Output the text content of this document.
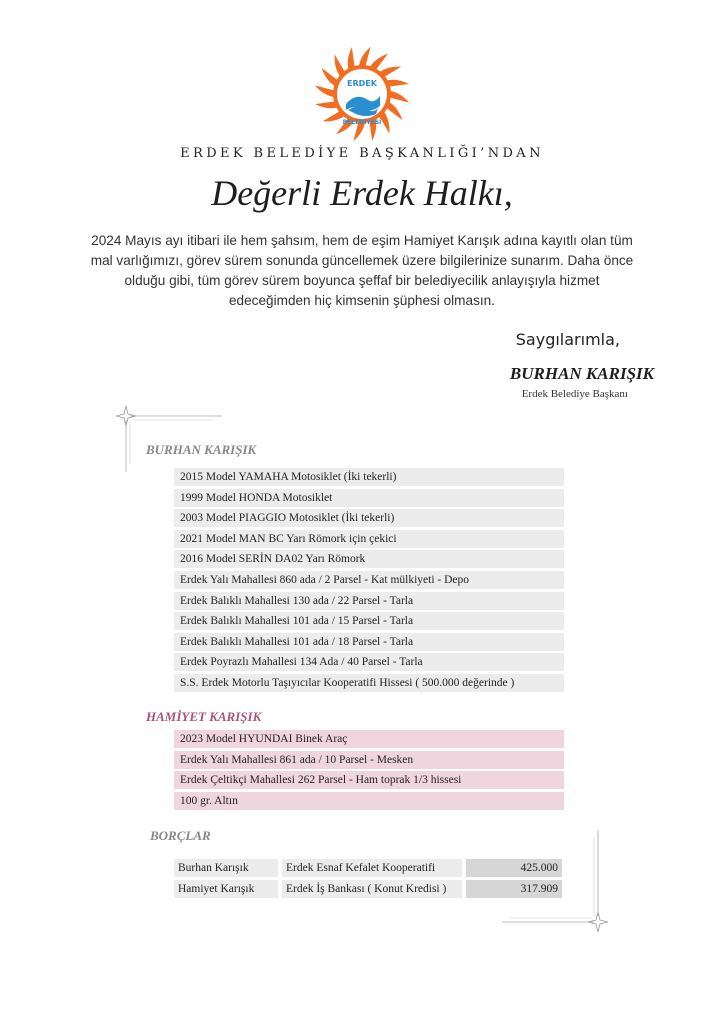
ERDEK
BELEDİYESİ
ERDEK BELEDİYE BAŞKANLIĞI’NDAN
Değerli Erdek Halkı,
2024 Mayıs ayı itibari ile hem şahsım, hem de eşim Hamiyet Karışık adına kayıtlı olan tüm mal varlığımızı, görev sürem sonunda güncellemek üzere bilgilerinize sunarım. Daha önce olduğu gibi, tüm görev sürem boyunca şeffaf bir belediyecilik anlayışıyla hizmet edeceğimden hiç kimsenin şüphesi olmasın.
Saygılarımla,
BURHAN KARIŞIK
Erdek Belediye Başkanı
BURHAN KARIŞIK
2015 Model YAMAHA Motosiklet (İki tekerli)
1999 Model HONDA Motosiklet
2003 Model PIAGGIO Motosiklet (İki tekerli)
2021 Model MAN BC Yarı Römork için çekici
2016 Model SERİN DA02 Yarı Römork
Erdek Yalı Mahallesi 860 ada / 2 Parsel - Kat mülkiyeti - Depo
Erdek Balıklı Mahallesi 130 ada / 22 Parsel - Tarla
Erdek Balıklı Mahallesi 101 ada / 15 Parsel - Tarla
Erdek Balıklı Mahallesi 101 ada / 18 Parsel - Tarla
Erdek Poyrazlı Mahallesi 134 Ada / 40 Parsel - Tarla
S.S. Erdek Motorlu Taşıyıcılar Kooperatifi Hissesi ( 500.000 değerinde )
HAMİYET KARIŞIK
2023 Model HYUNDAI Binek Araç
Erdek Yalı Mahallesi 861 ada / 10 Parsel - Mesken
Erdek Çeltikçi Mahallesi 262 Parsel - Ham toprak 1/3 hissesi
100 gr. Altın
BORÇLAR
Burhan Karışık	Erdek Esnaf Kefalet Kooperatifi	425.000
Hamiyet Karışık	Erdek İş Bankası ( Konut Kredisi )	317.909
